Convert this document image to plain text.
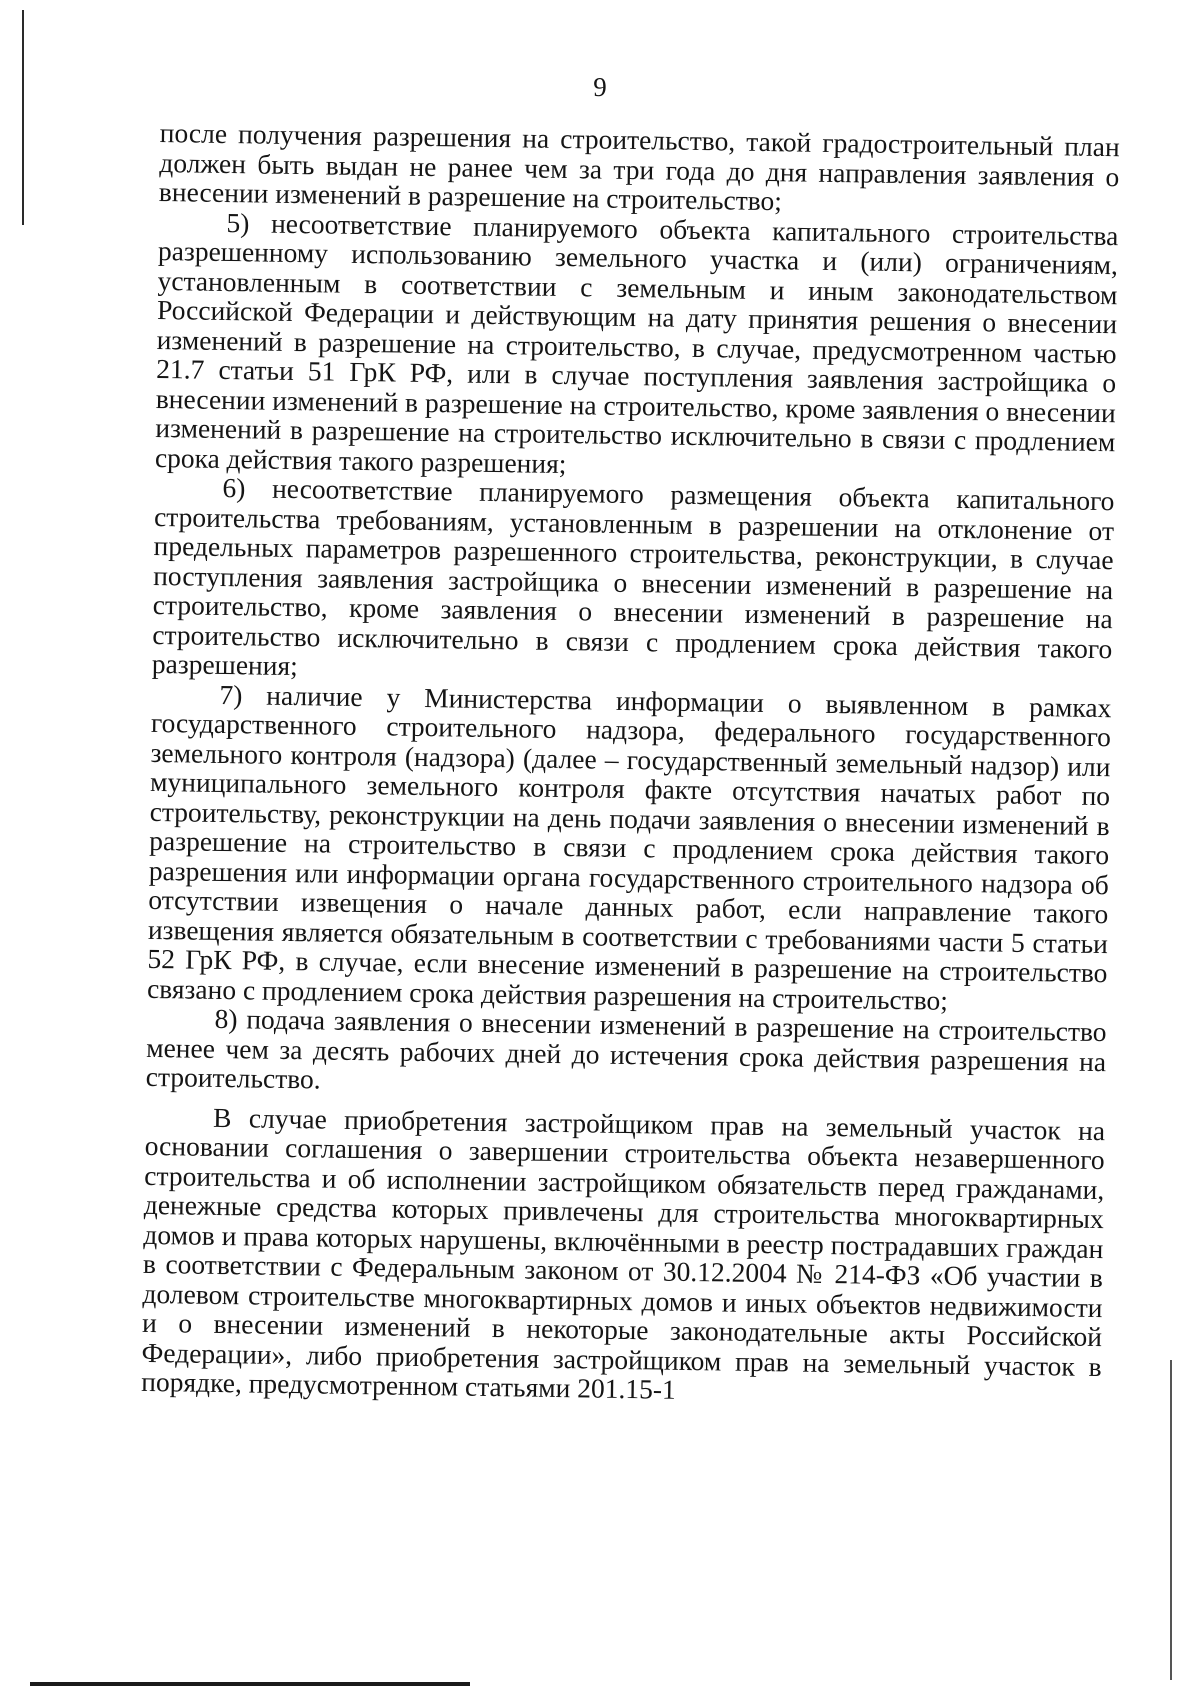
9

после получения разрешения на строительство, такой градостроительный план должен быть выдан не ранее чем за три года до дня направления заявления о внесении изменений в разрешение на строительство;

5) несоответствие планируемого объекта капитального строительства разрешенному использованию земельного участка и (или) ограничениям, установленным в соответствии с земельным и иным законодательством Российской Федерации и действующим на дату принятия решения о внесении изменений в разрешение на строительство, в случае, предусмотренном частью 21.7 статьи 51 ГрК РФ, или в случае поступления заявления застройщика о внесении изменений в разрешение на строительство, кроме заявления о внесении изменений в разрешение на строительство исключительно в связи с продлением срока действия такого разрешения;

6) несоответствие планируемого размещения объекта капитального строительства требованиям, установленным в разрешении на отклонение от предельных параметров разрешенного строительства, реконструкции, в случае поступления заявления застройщика о внесении изменений в разрешение на строительство, кроме заявления о внесении изменений в разрешение на строительство исключительно в связи с продлением срока действия такого разрешения;

7) наличие у Министерства информации о выявленном в рамках государственного строительного надзора, федерального государственного земельного контроля (надзора) (далее – государственный земельный надзор) или муниципального земельного контроля факте отсутствия начатых работ по строительству, реконструкции на день подачи заявления о внесении изменений в разрешение на строительство в связи с продлением срока действия такого разрешения или информации органа государственного строительного надзора об отсутствии извещения о начале данных работ, если направление такого извещения является обязательным в соответствии с требованиями части 5 статьи 52 ГрК РФ, в случае, если внесение изменений в разрешение на строительство связано с продлением срока действия разрешения на строительство;

8) подача заявления о внесении изменений в разрешение на строительство менее чем за десять рабочих дней до истечения срока действия разрешения на строительство.

В случае приобретения застройщиком прав на земельный участок на основании соглашения о завершении строительства объекта незавершенного строительства и об исполнении застройщиком обязательств перед гражданами, денежные средства которых привлечены для строительства многоквартирных домов и права которых нарушены, включёнными в реестр пострадавших граждан в соответствии с Федеральным законом от 30.12.2004 № 214-ФЗ «Об участии в долевом строительстве многоквартирных домов и иных объектов недвижимости и о внесении изменений в некоторые законодательные акты Российской Федерации», либо приобретения застройщиком прав на земельный участок в порядке, предусмотренном статьями 201.15-1
